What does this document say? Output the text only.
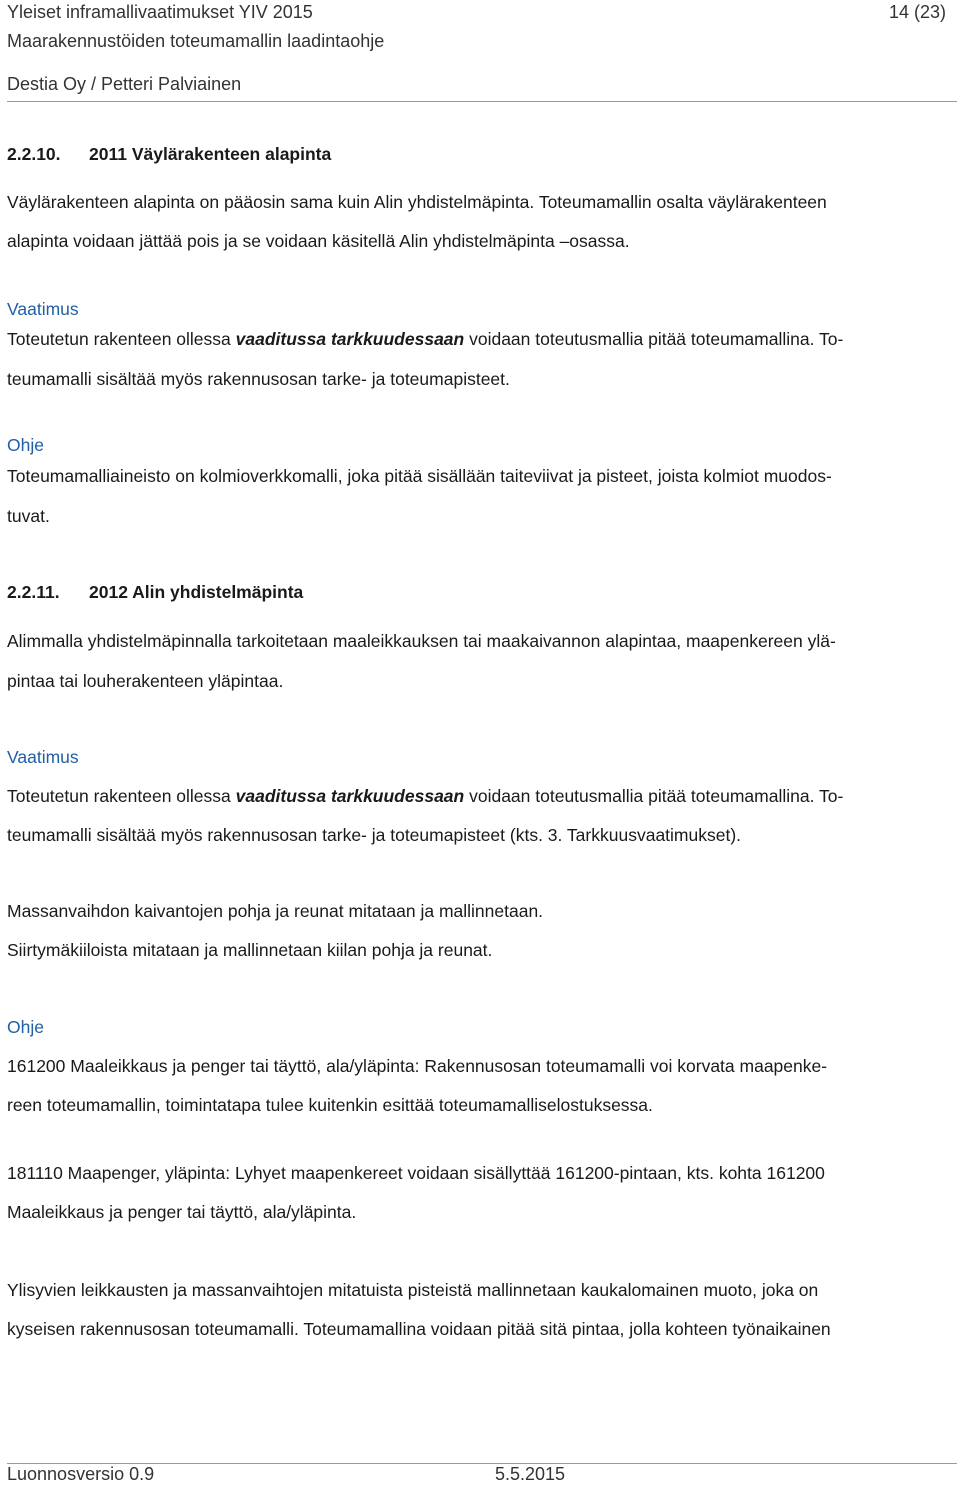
Yleiset inframallivaatimukset YIV 2015	14 (23)
Maarakennustöiden toteumamallin laadintaohje
Destia Oy / Petteri Palviainen
2.2.10. 2011 Väylärakenteen alapinta
Väylärakenteen alapinta on pääosin sama kuin Alin yhdistelmäpinta. Toteumamallin osalta väylärakenteen
alapinta voidaan jättää pois ja se voidaan käsitellä Alin yhdistelmäpinta –osassa.
Vaatimus
Toteutetun rakenteen ollessa vaaditussa tarkkuudessaan voidaan toteutusmallia pitää toteumamallina. To-
teumamalli sisältää myös rakennusosan tarke- ja toteumapisteet.
Ohje
Toteumamalliaineisto on kolmioverkkomalli, joka pitää sisällään taiteviivat ja pisteet, joista kolmiot muodos-
tuvat.
2.2.11. 2012 Alin yhdistelmäpinta
Alimmalla yhdistelmäpinnalla tarkoitetaan maaleikkauksen tai maakaivannon alapintaa, maapenkereen ylä-
pintaa tai louherakenteen yläpintaa.
Vaatimus
Toteutetun rakenteen ollessa vaaditussa tarkkuudessaan voidaan toteutusmallia pitää toteumamallina. To-
teumamalli sisältää myös rakennusosan tarke- ja toteumapisteet (kts. 3. Tarkkuusvaatimukset).
Massanvaihdon kaivantojen pohja ja reunat mitataan ja mallinnetaan.
Siirtymäkiiloista mitataan ja mallinnetaan kiilan pohja ja reunat.
Ohje
161200 Maaleikkaus ja penger tai täyttö, ala/yläpinta: Rakennusosan toteumamalli voi korvata maapenke-
reen toteumamallin, toimintatapa tulee kuitenkin esittää toteumamalliselostuksessa.
181110 Maapenger, yläpinta: Lyhyet maapenkereet voidaan sisällyttää 161200-pintaan, kts. kohta 161200
Maaleikkaus ja penger tai täyttö, ala/yläpinta.
Ylisyvien leikkausten ja massanvaihtojen mitatuista pisteistä mallinnetaan kaukalomainen muoto, joka on
kyseisen rakennusosan toteumamalli. Toteumamallina voidaan pitää sitä pintaa, jolla kohteen työnaikainen
Luonnosversio 0.9	5.5.2015
